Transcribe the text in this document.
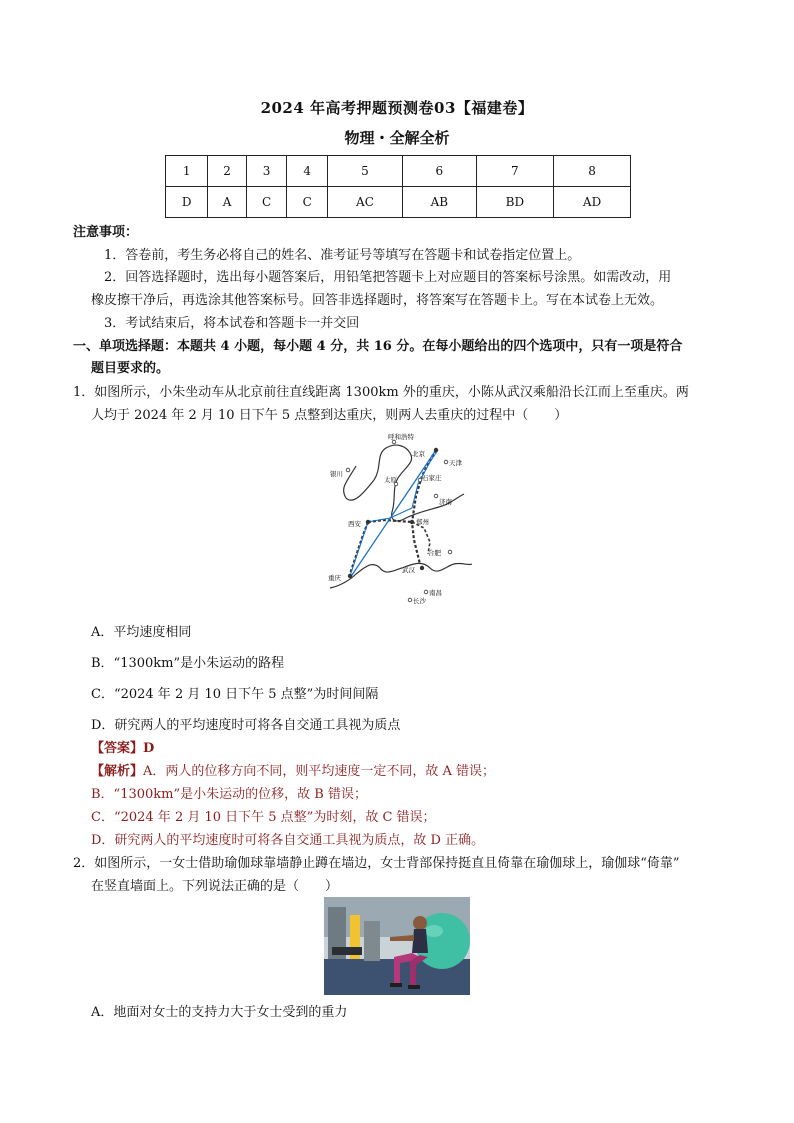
2024 年高考押题预测卷03【福建卷】
物理・全解全析
1	2	3	4	5	6	7	8
D	A	C	C	AC	AB	BD	AD
注意事项：
1．答卷前，考生务必将自己的姓名、准考证号等填写在答题卡和试卷指定位置上。
2．回答选择题时，选出每小题答案后，用铅笔把答题卡上对应题目的答案标号涂黑。如需改动，用
橡皮擦干净后，再选涂其他答案标号。回答非选择题时，将答案写在答题卡上。写在本试卷上无效。
3．考试结束后，将本试卷和答题卡一并交回
一、单项选择题：本题共 4 小题，每小题 4 分，共 16 分。在每小题给出的四个选项中，只有一项是符合
题目要求的。
1．如图所示，小朱坐动车从北京前往直线距离 1300km 外的重庆，小陈从武汉乘船沿长江而上至重庆。两
人均于 2024 年 2 月 10 日下午 5 点整到达重庆，则两人去重庆的过程中（　　）
呼和浩特
北京
天津
银川
太原	石家庄
济南
西安	郑州
合肥
武汉
重庆
南昌
长沙
A．平均速度相同
B．“1300km”是小朱运动的路程
C．“2024 年 2 月 10 日下午 5 点整”为时间间隔
D．研究两人的平均速度时可将各自交通工具视为质点
【答案】D
【解析】A．两人的位移方向不同，则平均速度一定不同，故 A 错误；
B．“1300km”是小朱运动的位移，故 B 错误；
C．“2024 年 2 月 10 日下午 5 点整”为时刻，故 C 错误；
D．研究两人的平均速度时可将各自交通工具视为质点，故 D 正确。
2．如图所示，一女士借助瑜伽球靠墙静止蹲在墙边，女士背部保持挺直且倚靠在瑜伽球上，瑜伽球“倚靠”
在竖直墙面上。下列说法正确的是（　　）
A．地面对女士的支持力大于女士受到的重力
